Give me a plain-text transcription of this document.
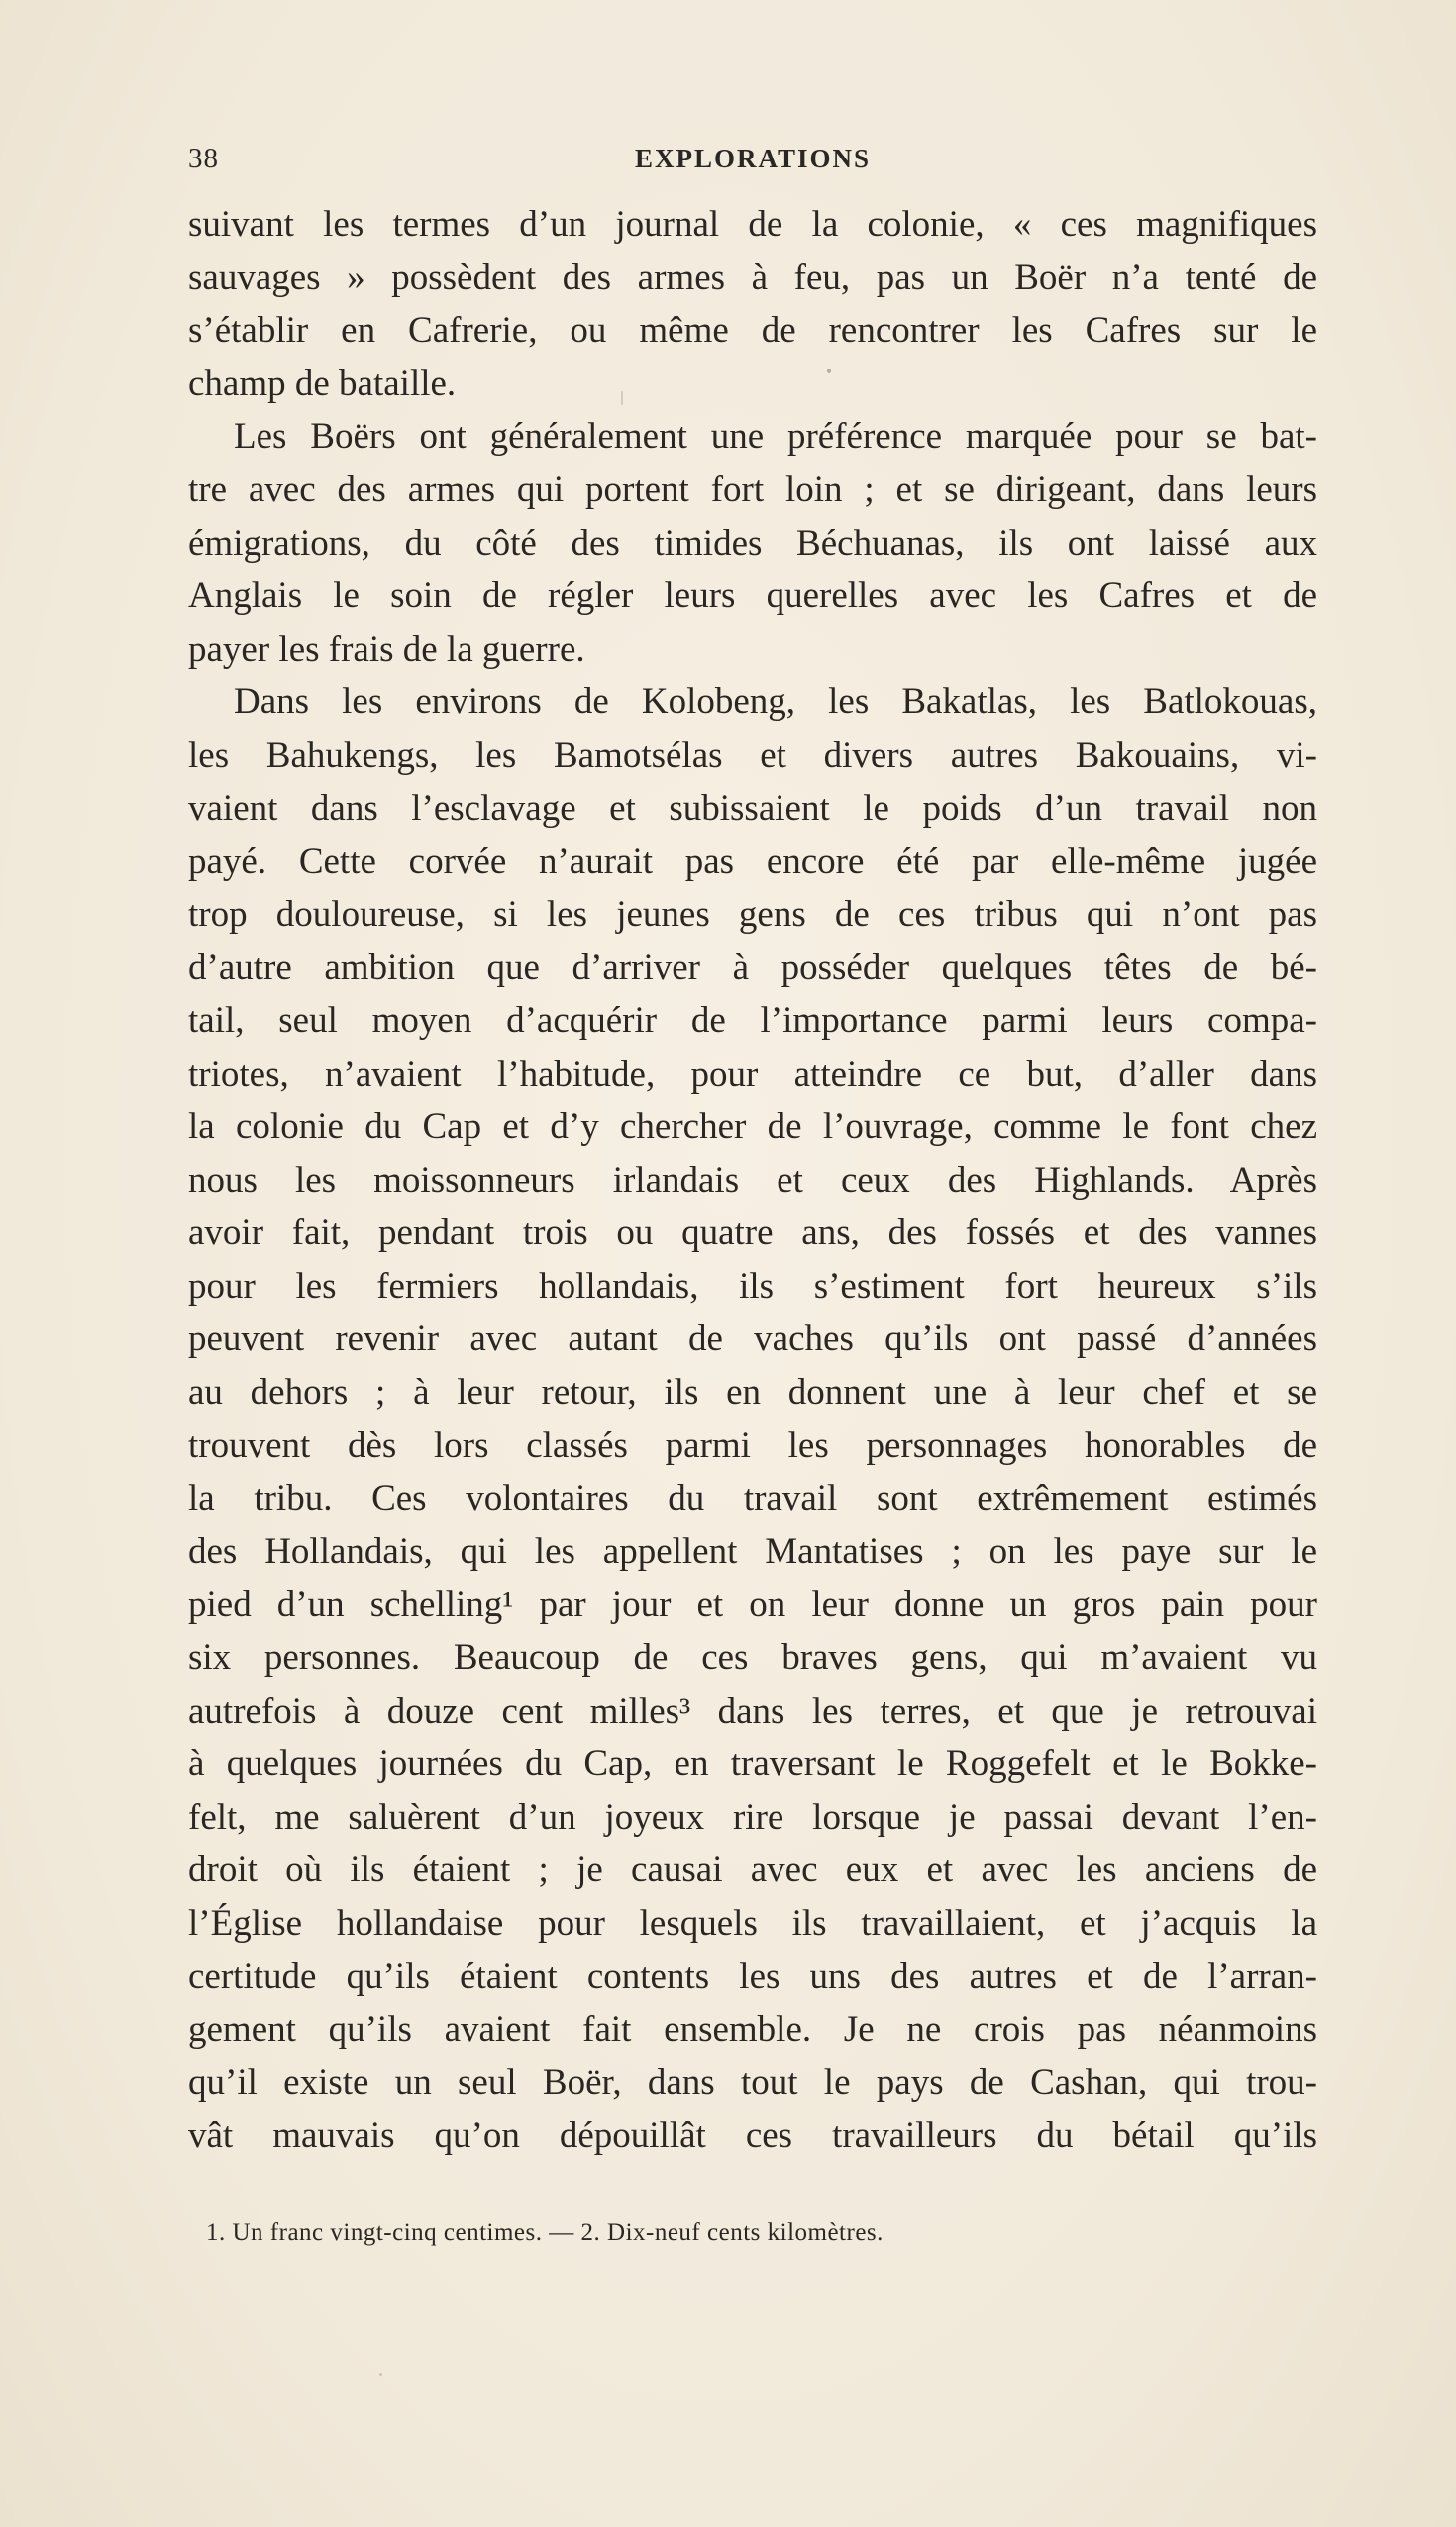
38	EXPLORATIONS
suivant les termes d’un journal de la colonie, « ces magnifiques
sauvages » possèdent des armes à feu, pas un Boër n’a tenté de
s’établir en Cafrerie, ou même de rencontrer les Cafres sur le
champ de bataille.
Les Boërs ont généralement une préférence marquée pour se bat-
tre avec des armes qui portent fort loin ; et se dirigeant, dans leurs
émigrations, du côté des timides Béchuanas, ils ont laissé aux
Anglais le soin de régler leurs querelles avec les Cafres et de
payer les frais de la guerre.
Dans les environs de Kolobeng, les Bakatlas, les Batlokouas,
les Bahukengs, les Bamotsélas et divers autres Bakouains, vi-
vaient dans l’esclavage et subissaient le poids d’un travail non
payé. Cette corvée n’aurait pas encore été par elle-même jugée
trop douloureuse, si les jeunes gens de ces tribus qui n’ont pas
d’autre ambition que d’arriver à posséder quelques têtes de bé-
tail, seul moyen d’acquérir de l’importance parmi leurs compa-
triotes, n’avaient l’habitude, pour atteindre ce but, d’aller dans
la colonie du Cap et d’y chercher de l’ouvrage, comme le font chez
nous les moissonneurs irlandais et ceux des Highlands. Après
avoir fait, pendant trois ou quatre ans, des fossés et des vannes
pour les fermiers hollandais, ils s’estiment fort heureux s’ils
peuvent revenir avec autant de vaches qu’ils ont passé d’années
au dehors ; à leur retour, ils en donnent une à leur chef et se
trouvent dès lors classés parmi les personnages honorables de
la tribu. Ces volontaires du travail sont extrêmement estimés
des Hollandais, qui les appellent Mantatises ; on les paye sur le
pied d’un schelling¹ par jour et on leur donne un gros pain pour
six personnes. Beaucoup de ces braves gens, qui m’avaient vu
autrefois à douze cent milles³ dans les terres, et que je retrouvai
à quelques journées du Cap, en traversant le Roggefelt et le Bokke-
felt, me saluèrent d’un joyeux rire lorsque je passai devant l’en-
droit où ils étaient ; je causai avec eux et avec les anciens de
l’Église hollandaise pour lesquels ils travaillaient, et j’acquis la
certitude qu’ils étaient contents les uns des autres et de l’arran-
gement qu’ils avaient fait ensemble. Je ne crois pas néanmoins
qu’il existe un seul Boër, dans tout le pays de Cashan, qui trou-
vât mauvais qu’on dépouillât ces travailleurs du bétail qu’ils
1. Un franc vingt-cinq centimes. — 2. Dix-neuf cents kilomètres.
